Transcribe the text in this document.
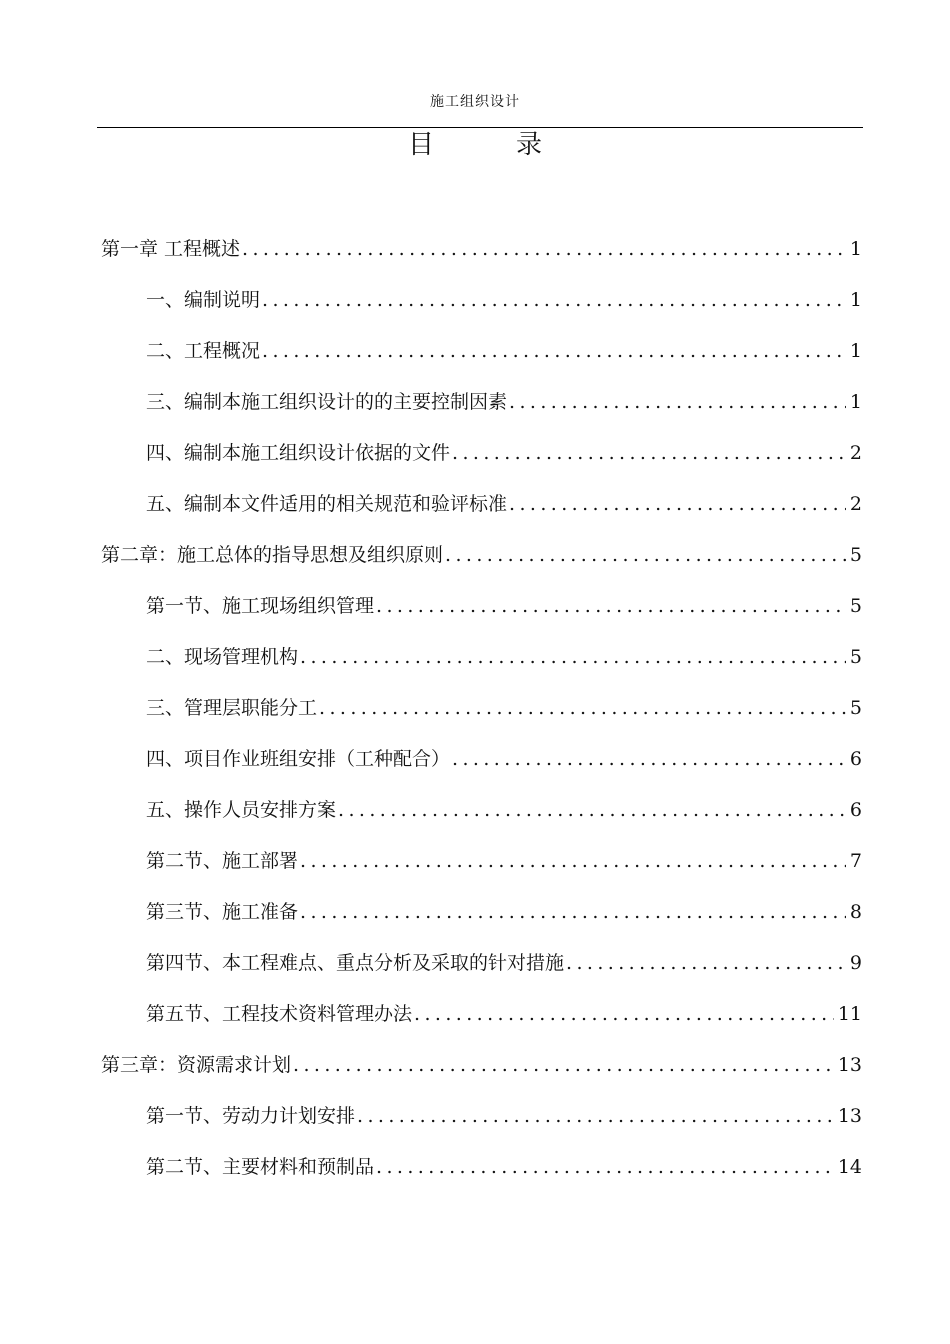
施工组织设计
目	录
第一章 工程概述 .....	1
一、编制说明 .....	1
二、工程概况 .....	1
三、编制本施工组织设计的的主要控制因素 .....	1
四、编制本施工组织设计依据的文件 .....	2
五、编制本文件适用的相关规范和验评标准 .....	2
第二章：施工总体的指导思想及组织原则 .....	5
第一节、施工现场组织管理 .....	5
二、现场管理机构 .....	5
三、管理层职能分工 .....	5
四、项目作业班组安排（工种配合） .....	6
五、操作人员安排方案 .....	6
第二节、施工部署 .....	7
第三节、施工准备 .....	8
第四节、本工程难点、重点分析及采取的针对措施 .....	9
第五节、工程技术资料管理办法 .....	11
第三章：资源需求计划 .....	13
第一节、劳动力计划安排 .....	13
第二节、主要材料和预制品 .....	14
